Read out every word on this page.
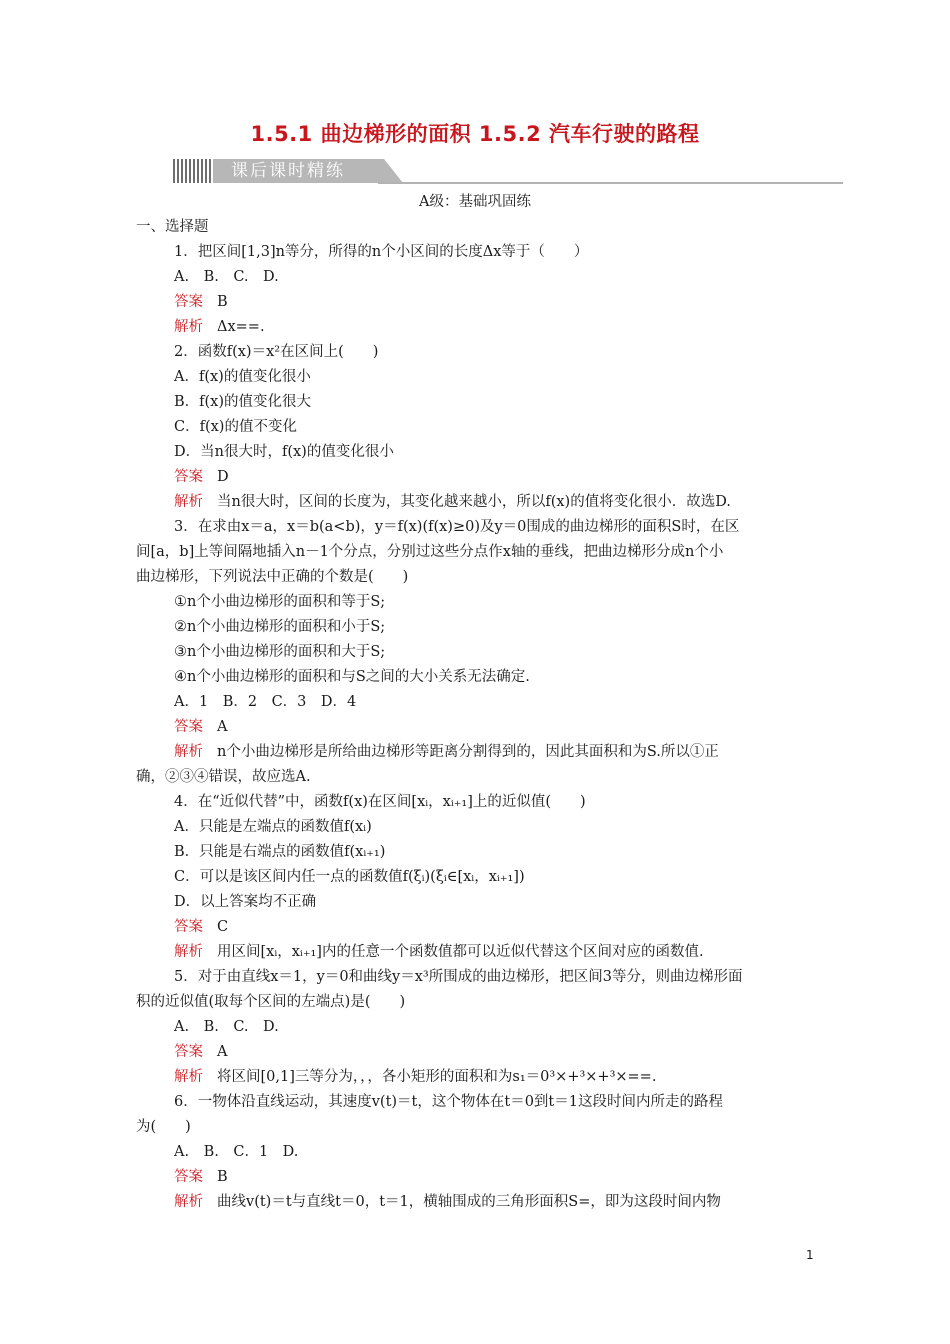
1.5.1 曲边梯形的面积 1.5.2 汽车行驶的路程
课后课时精练
A级：基础巩固练
一、选择题
1．把区间[1,3]n等分，所得的n个小区间的长度Δx等于（　　）
A.　B.　C.　D.
答案 B
解析 Δx==.
2．函数f(x)＝x²在区间上(　　)
A．f(x)的值变化很小
B．f(x)的值变化很大
C．f(x)的值不变化
D．当n很大时，f(x)的值变化很小
答案 D
解析 当n很大时，区间的长度为，其变化越来越小，所以f(x)的值将变化很小．故选D.
3．在求由x＝a，x＝b(a<b)，y＝f(x)(f(x)≥0)及y＝0围成的曲边梯形的面积S时，在区
间[a，b]上等间隔地插入n－1个分点，分别过这些分点作x轴的垂线，把曲边梯形分成n个小
曲边梯形，下列说法中正确的个数是(　　)
①n个小曲边梯形的面积和等于S;
②n个小曲边梯形的面积和小于S;
③n个小曲边梯形的面积和大于S;
④n个小曲边梯形的面积和与S之间的大小关系无法确定.
A．1　B．2　C．3　D．4
答案 A
解析 n个小曲边梯形是所给曲边梯形等距离分割得到的，因此其面积和为S.所以①正
确，②③④错误，故应选A.
4．在“近似代替”中，函数f(x)在区间[xᵢ，xᵢ₊₁]上的近似值(　　)
A．只能是左端点的函数值f(xᵢ)
B．只能是右端点的函数值f(xᵢ₊₁)
C．可以是该区间内任一点的函数值f(ξᵢ)(ξᵢ∈[xᵢ，xᵢ₊₁])
D．以上答案均不正确
答案 C
解析 用区间[xᵢ，xᵢ₊₁]内的任意一个函数值都可以近似代替这个区间对应的函数值.
5．对于由直线x＝1，y＝0和曲线y＝x³所围成的曲边梯形，把区间3等分，则曲边梯形面
积的近似值(取每个区间的左端点)是(　　)
A.　B.　C.　D.
答案 A
解析 将区间[0,1]三等分为，，，各小矩形的面积和为s₁＝0³×+³×+³×==.
6．一物体沿直线运动，其速度v(t)＝t，这个物体在t＝0到t＝1这段时间内所走的路程
为(　　)
A.　B.　C．1　D.
答案 B
解析 曲线v(t)＝t与直线t＝0，t＝1，横轴围成的三角形面积S=，即为这段时间内物
1
